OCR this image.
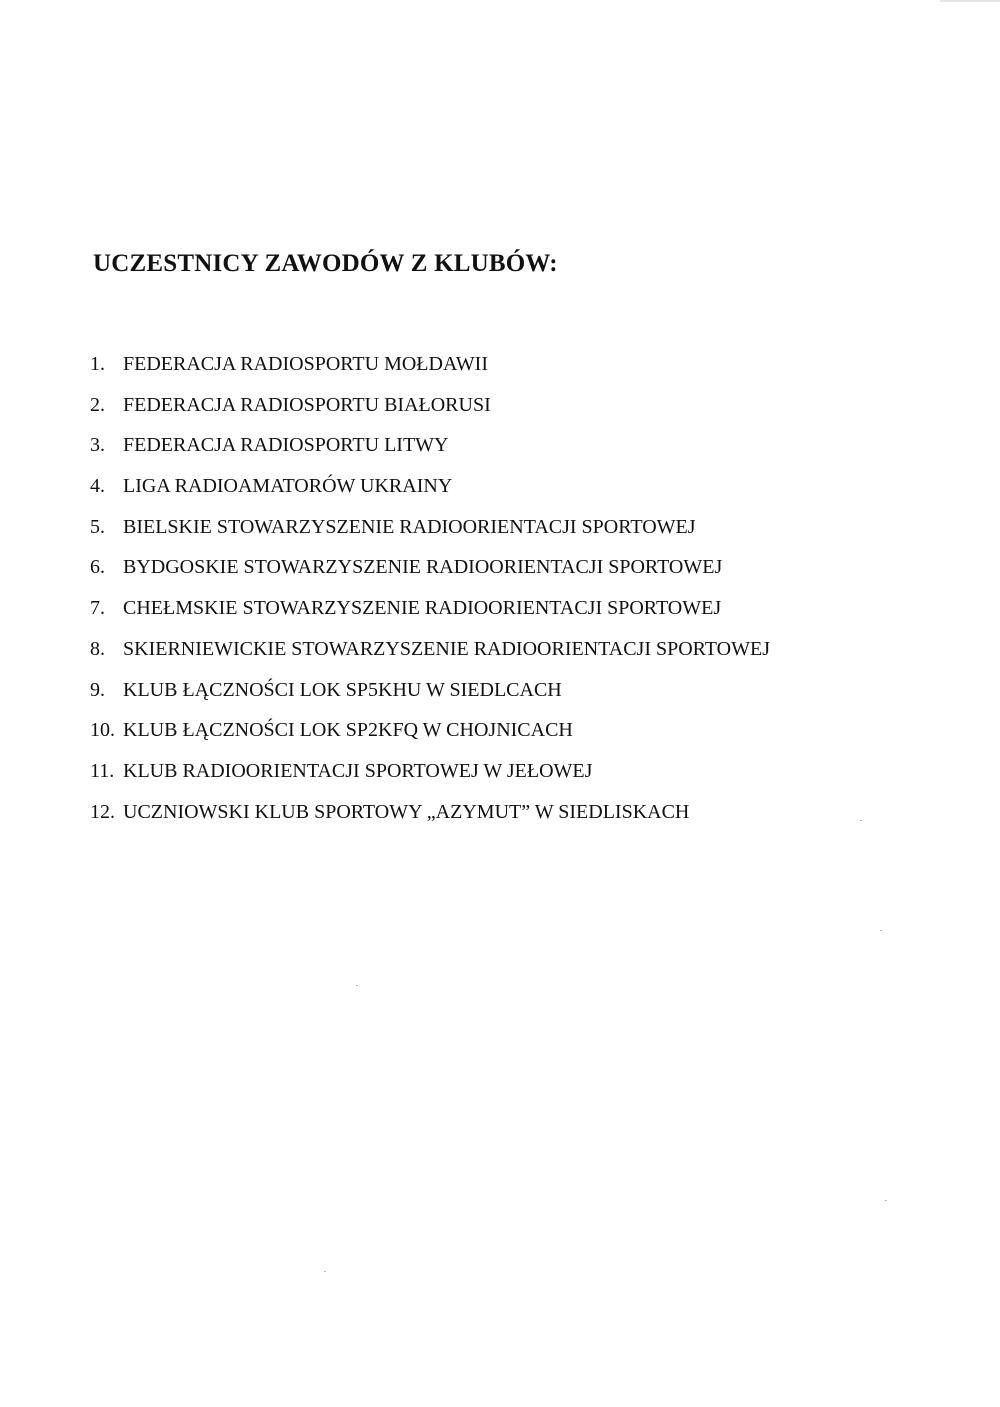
UCZESTNICY ZAWODÓW Z KLUBÓW:
1. FEDERACJA RADIOSPORTU MOŁDAWII
2. FEDERACJA RADIOSPORTU BIAŁORUSI
3. FEDERACJA RADIOSPORTU LITWY
4. LIGA RADIOAMATORÓW UKRAINY
5. BIELSKIE STOWARZYSZENIE RADIOORIENTACJI SPORTOWEJ
6. BYDGOSKIE STOWARZYSZENIE RADIOORIENTACJI SPORTOWEJ
7. CHEŁMSKIE STOWARZYSZENIE RADIOORIENTACJI SPORTOWEJ
8. SKIERNIEWICKIE STOWARZYSZENIE RADIOORIENTACJI SPORTOWEJ
9. KLUB ŁĄCZNOŚCI LOK SP5KHU W SIEDLCACH
10. KLUB ŁĄCZNOŚCI LOK SP2KFQ W CHOJNICACH
11. KLUB RADIOORIENTACJI SPORTOWEJ W JEŁOWEJ
12. UCZNIOWSKI KLUB SPORTOWY „AZYMUT” W SIEDLISKACH
